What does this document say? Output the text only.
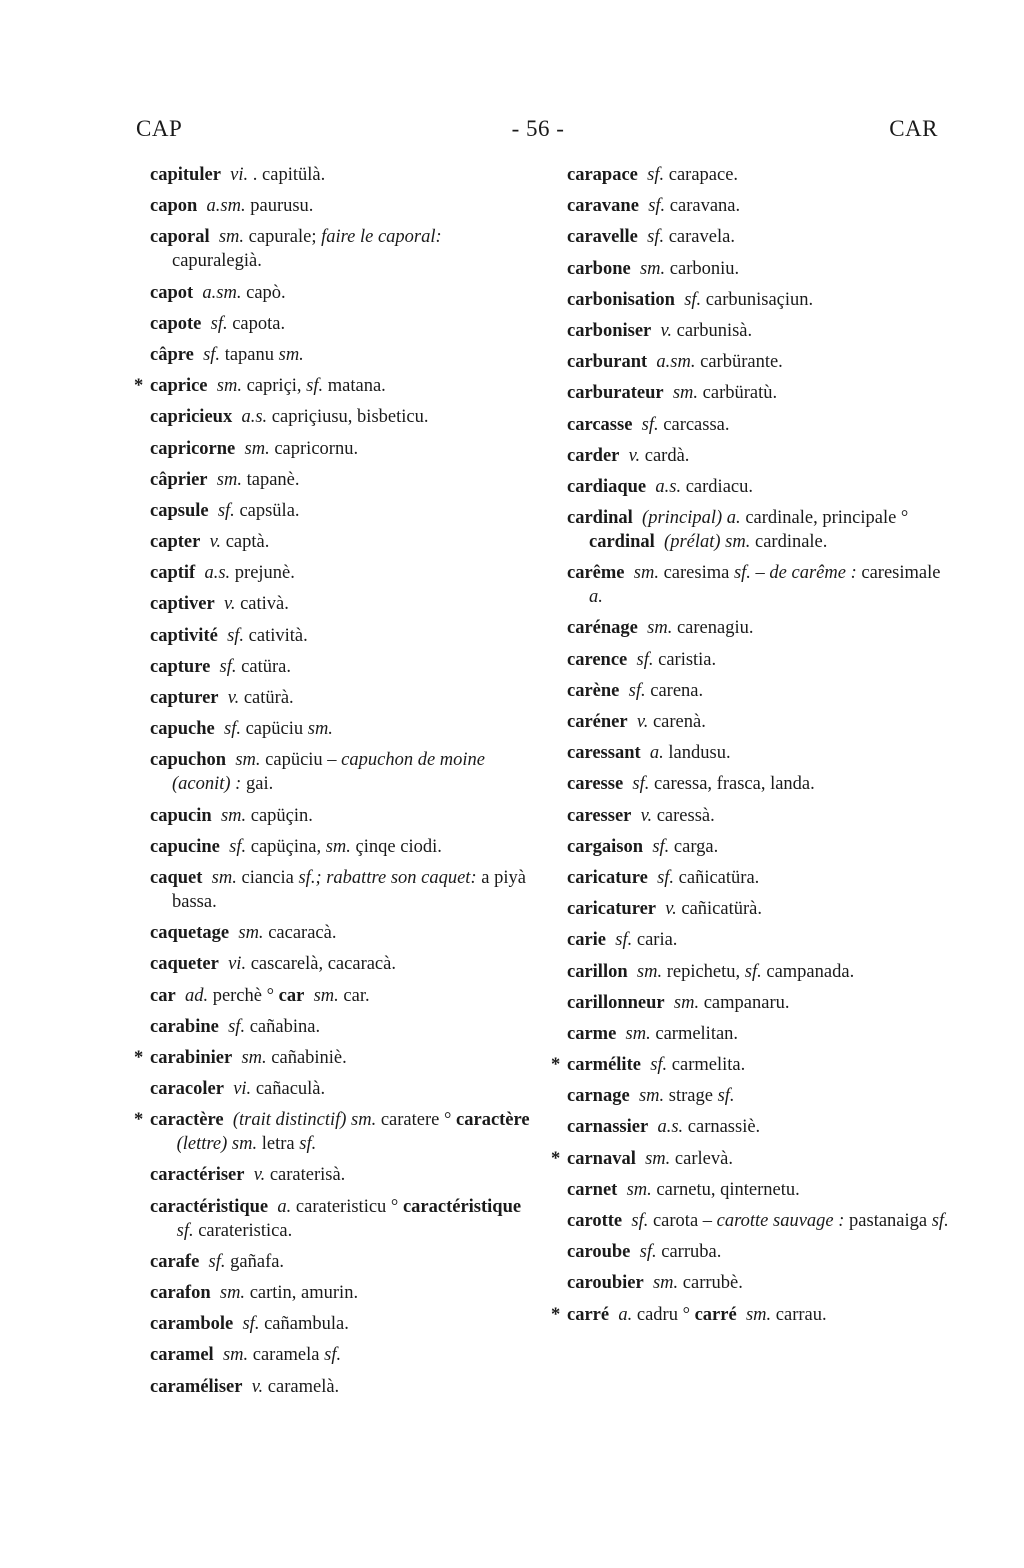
CAP	- 56 -	CAR
capituler vi. . capitülà.
capon a.sm. paurusu.
caporal sm. capurale; faire le caporal: capuralegià.
capot a.sm. capò.
capote sf. capota.
câpre sf. tapanu sm.
* caprice sm. capriçi, sf. matana.
capricieux a.s. capriçiusu, bisbeticu.
capricorne sm. capricornu.
câprier sm. tapanè.
capsule sf. capsüla.
capter v. captà.
captif a.s. prejunè.
captiver v. cativà.
captivité sf. catività.
capture sf. catüra.
capturer v. catürà.
capuche sf. capüciu sm.
capuchon sm. capüciu – capuchon de moine (aconit) : gai.
capucin sm. capüçin.
capucine sf. capüçina, sm. çinqe ciodi.
caquet sm. ciancia sf.; rabattre son caquet: a piyà bassa.
caquetage sm. cacaracà.
caqueter vi. cascarelà, cacaracà.
car ad. perchè ° car sm. car.
carabine sf. cañabina.
* carabinier sm. cañabiniè.
caracoler vi. cañaculà.
* caractère (trait distinctif) sm. caratere ° caractère  (lettre) sm. letra sf.
caractériser v. caraterisà.
caractéristique a. carateristicu ° caractéristique  sf. carateristica.
carafe sf. gañafa.
carafon sm. cartin, amurin.
carambole sf. cañambula.
caramel sm. caramela sf.
caraméliser v. caramelà.
carapace sf. carapace.
caravane sf. caravana.
caravelle sf. caravela.
carbone sm. carboniu.
carbonisation sf. carbunisaçiun.
carboniser v. carbunisà.
carburant a.sm. carbürante.
carburateur sm. carbüratù.
carcasse sf. carcassa.
carder v. cardà.
cardiaque a.s. cardiacu.
cardinal (principal) a. cardinale, principale ° cardinal (prélat) sm. cardinale.
carême sm. caresima sf. – de carême : caresimale a.
carénage sm. carenagiu.
carence sf. caristia.
carène sf. carena.
caréner v. carenà.
caressant a. landusu.
caresse sf. caressa, frasca, landa.
caresser v. caressà.
cargaison sf. carga.
caricature sf. cañicatüra.
caricaturer v. cañicatürà.
carie sf. caria.
carillon sm. repichetu, sf. campanada.
carillonneur sm. campanaru.
carme sm. carmelitan.
* carmélite sf. carmelita.
carnage sm. strage sf.
carnassier a.s. carnassiè.
* carnaval sm. carlevà.
carnet sm. carnetu, qinternetu.
carotte sf. carota – carotte sauvage : pastanaiga sf.
caroube sf. carruba.
caroubier sm. carrubè.
* carré a. cadru ° carré sm. carrau.
